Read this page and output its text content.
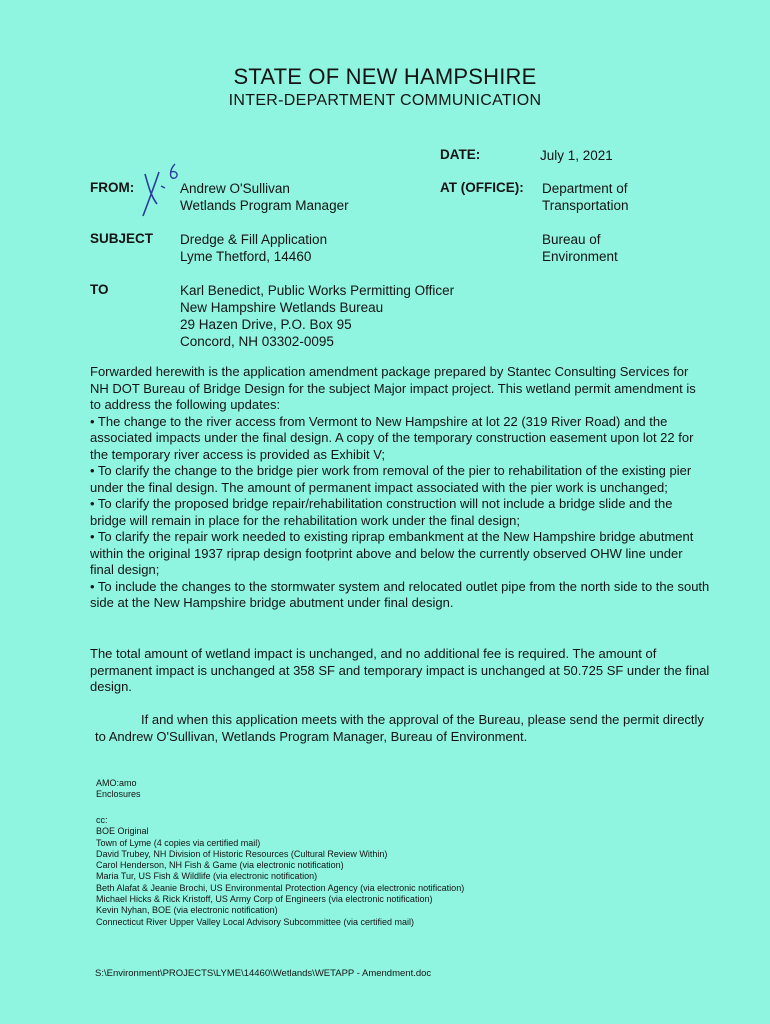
STATE OF NEW HAMPSHIRE
INTER-DEPARTMENT COMMUNICATION
DATE:	July 1, 2021
FROM:	Andrew O'Sullivan
Wetlands Program Manager
AT (OFFICE): Department of
Transportation
Bureau of
Environment
SUBJECT Dredge & Fill Application
Lyme Thetford, 14460
TO	Karl Benedict, Public Works Permitting Officer
New Hampshire Wetlands Bureau
29 Hazen Drive, P.O. Box 95
Concord, NH 03302-0095

Forwarded herewith is the application amendment package prepared by Stantec Consulting Services for NH DOT Bureau of Bridge Design for the subject Major impact project. This wetland permit amendment is to address the following updates:

• The change to the river access from Vermont to New Hampshire at lot 22 (319 River Road) and the associated impacts under the final design. A copy of the temporary construction easement upon lot 22 for the temporary river access is provided as Exhibit V;

• To clarify the change to the bridge pier work from removal of the pier to rehabilitation of the existing pier under the final design. The amount of permanent impact associated with the pier work is unchanged;

• To clarify the proposed bridge repair/rehabilitation construction will not include a bridge slide and the bridge will remain in place for the rehabilitation work under the final design;

• To clarify the repair work needed to existing riprap embankment at the New Hampshire bridge abutment within the original 1937 riprap design footprint above and below the currently observed OHW line under final design;

• To include the changes to the stormwater system and relocated outlet pipe from the north side to the south side at the New Hampshire bridge abutment under final design.

The total amount of wetland impact is unchanged, and no additional fee is required. The amount of permanent impact is unchanged at 358 SF and temporary impact is unchanged at 50.725 SF under the final design.
If and when this application meets with the approval of the Bureau, please send the permit directly to Andrew O'Sullivan, Wetlands Program Manager, Bureau of Environment.
AMO:amo
Enclosures
cc:
BOE Original
Town of Lyme (4 copies via certified mail)
David Trubey, NH Division of Historic Resources (Cultural Review Within)
Carol Henderson, NH Fish & Game (via electronic notification)
Maria Tur, US Fish & Wildlife (via electronic notification)
Beth Alafat & Jeanie Brochi, US Environmental Protection Agency (via electronic notification)
Michael Hicks & Rick Kristoff, US Army Corp of Engineers (via electronic notification)
Kevin Nyhan, BOE (via electronic notification)
Connecticut River Upper Valley Local Advisory Subcommittee (via certified mail)
S:\Environment\PROJECTS\LYME\14460\Wetlands\WETAPP - Amendment.doc
